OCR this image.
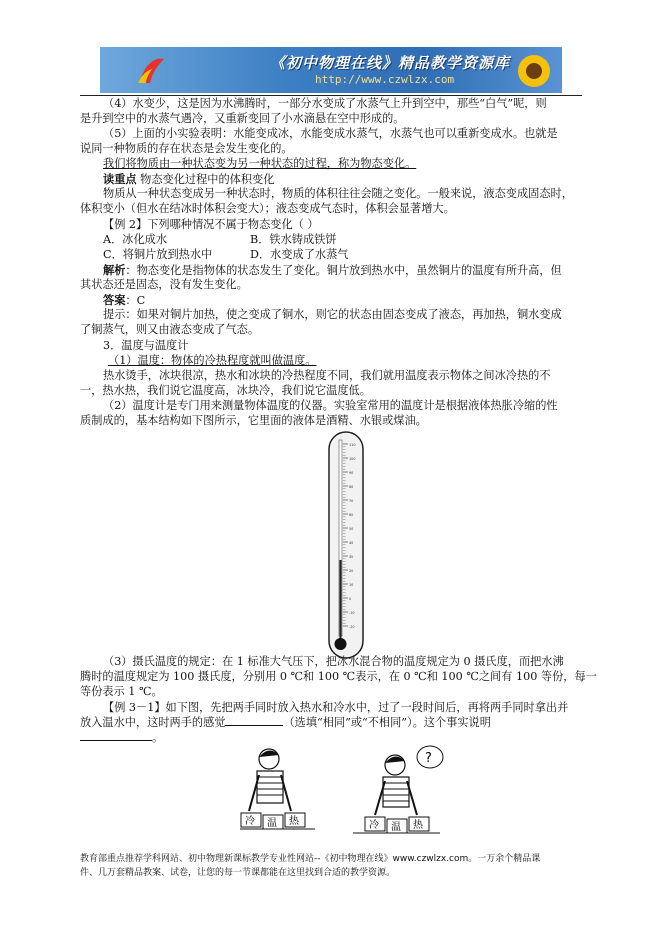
《初中物理在线》精品教学资源库
http://www.czwlzx.com
（4）水变少，这是因为水沸腾时，一部分水变成了水蒸气上升到空中，那些“白气”呢，则
是升到空中的水蒸气遇冷，又重新变回了小水滴悬在空中形成的。
（5）上面的小实验表明：水能变成冰，水能变成水蒸气，水蒸气也可以重新变成水。也就是
说同一种物质的存在状态是会发生变化的。
我们将物质由一种状态变为另一种状态的过程，称为物态变化。
读重点 物态变化过程中的体积变化
物质从一种状态变成另一种状态时，物质的体积往往会随之变化。一般来说，液态变成固态时，
体积变小（但水在结冰时体积会变大）；液态变成气态时，体积会显著增大。
【例 2】下列哪种情况不属于物态变化（ ）
A．冰化成水	B．铁水铸成铁饼
C．将铜片放到热水中	D．水变成了水蒸气
解析：物态变化是指物体的状态发生了变化。铜片放到热水中，虽然铜片的温度有所升高，但
其状态还是固态，没有发生变化。
答案：C
提示：如果对铜片加热，使之变成了铜水，则它的状态由固态变成了液态，再加热，铜水变成
了铜蒸气，则又由液态变成了气态。
3．温度与温度计
（1）温度：物体的冷热程度就叫做温度。
热水烫手，冰块很凉，热水和冰块的冷热程度不同，我们就用温度表示物体之间冰冷热的不
一，热水热，我们说它温度高，冰块冷，我们说它温度低。
（2）温度计是专门用来测量物体温度的仪器。实验室常用的温度计是根据液体热胀冷缩的性
质制成的，基本结构如下图所示，它里面的液体是酒精、水银或煤油。
110
100
90
80
70
60
50
40
30
20
10
0
-10
-20
（3）摄氏温度的规定：在 1 标准大气压下，把冰水混合物的温度规定为 0 摄氏度，而把水沸
腾时的温度规定为 100 摄氏度，分别用 0 ℃和 100 ℃表示，在 0 ℃和 100 ℃之间有 100 等份，每一
等份表示 1 ℃。
【例 3－1】如下图，先把两手同时放入热水和冷水中，过了一段时间后，再将两手同时拿出并
放入温水中，这时两手的感觉	（选填“相同”或“不相同”）。这个事实说明
。
冷 温 热
?
冷 温 热
教育部重点推荐学科网站、初中物理新课标教学专业性网站--《初中物理在线》www.czwlzx.com。一万余个精品课
件、几万套精品教案、试卷，让您的每一节课都能在这里找到合适的教学资源。
